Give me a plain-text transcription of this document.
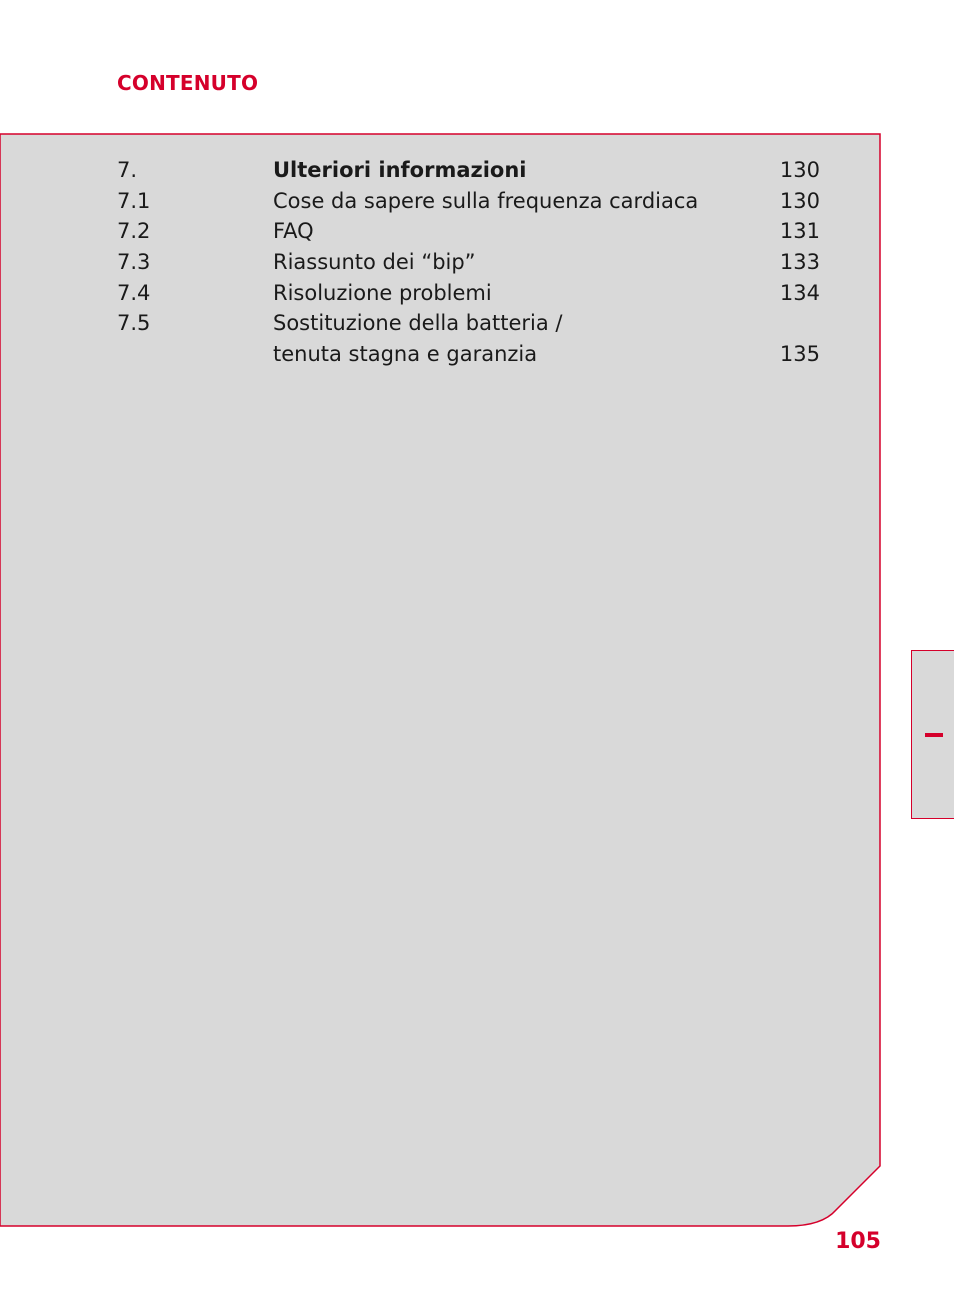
CONTENUTO
7.	Ulteriori informazioni	130
7.1	Cose da sapere sulla frequenza cardiaca	130
7.2	FAQ	131
7.3	Riassunto dei “bip”	133
7.4	Risoluzione problemi	134
7.5	Sostituzione della batteria /
tenuta stagna e garanzia	135
105
